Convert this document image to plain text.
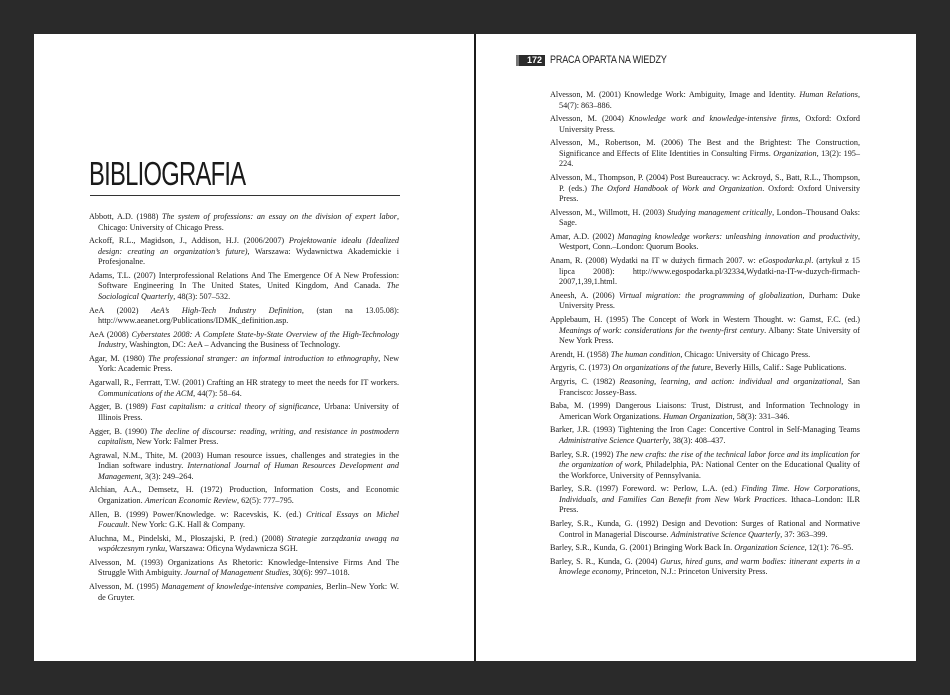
BIBLIOGRAFIA
Abbott, A.D. (1988) The system of professions: an essay on the division of expert labor, Chicago: University of Chicago Press.
Ackoff, R.L., Magidson, J., Addison, H.J. (2006/2007) Projektowanie ideału (Idealized design: creating an organization’s future), Warszawa: Wydawnictwa Akademickie i Profesjonalne.
Adams, T.L. (2007) Interprofessional Relations And The Emergence Of A New Profession: Software Engineering In The United States, United Kingdom, And Canada. The Sociological Quarterly, 48(3): 507–532.
AeA (2002) AeA’s High-Tech Industry Definition, (stan na 13.05.08): http://www.aeanet.org/Publications/IDMK_definition.asp.
AeA (2008) Cyberstates 2008: A Complete State-by-State Overview of the High-Technology Industry, Washington, DC: AeA – Advancing the Business of Technology.
Agar, M. (1980) The professional stranger: an informal introduction to ethnography, New York: Academic Press.
Agarwall, R., Ferrratt, T.W. (2001) Crafting an HR strategy to meet the needs for IT workers. Communications of the ACM, 44(7): 58–64.
Agger, B. (1989) Fast capitalism: a critical theory of significance, Urbana: University of Illinois Press.
Agger, B. (1990) The decline of discourse: reading, writing, and resistance in postmodern capitalism, New York: Falmer Press.
Agrawal, N.M., Thite, M. (2003) Human resource issues, challenges and strategies in the Indian software industry. International Journal of Human Resources Development and Management, 3(3): 249–264.
Alchian, A.A., Demsetz, H. (1972) Production, Information Costs, and Economic Organization. American Economic Review, 62(5): 777–795.
Allen, B. (1999) Power/Knowledge. w: Racevskis, K. (ed.) Critical Essays on Michel Foucault. New York: G.K. Hall & Company.
Aluchna, M., Pindelski, M., Płoszajski, P. (red.) (2008) Strategie zarządzania uwagą na współczesnym rynku, Warszawa: Oficyna Wydawnicza SGH.
Alvesson, M. (1993) Organizations As Rhetoric: Knowledge-Intensive Firms And The Struggle With Ambiguity. Journal of Management Studies, 30(6): 997–1018.
Alvesson, M. (1995) Management of knowledge-intensive companies, Berlin–New York: W. de Gruyter.
172 PRACA OPARTA NA WIEDZY
Alvesson, M. (2001) Knowledge Work: Ambiguity, Image and Identity. Human Relations, 54(7): 863–886.
Alvesson, M. (2004) Knowledge work and knowledge-intensive firms, Oxford: Oxford University Press.
Alvesson, M., Robertson, M. (2006) The Best and the Brightest: The Construction, Significance and Effects of Elite Identities in Consulting Firms. Organization, 13(2): 195–224.
Alvesson, M., Thompson, P. (2004) Post Bureaucracy. w: Ackroyd, S., Batt, R.L., Thompson, P. (eds.) The Oxford Handbook of Work and Organization. Oxford: Oxford University Press.
Alvesson, M., Willmott, H. (2003) Studying management critically, London–Thousand Oaks: Sage.
Amar, A.D. (2002) Managing knowledge workers: unleashing innovation and productivity, Westport, Conn.–London: Quorum Books.
Anam, R. (2008) Wydatki na IT w dużych firmach 2007. w: eGospodarka.pl. (artykuł z 15 lipca 2008): http://www.egospodarka.pl/32334,Wydatki-na-IT-w-duzych-firmach-2007,1,39,1.html.
Aneesh, A. (2006) Virtual migration: the programming of globalization, Durham: Duke University Press.
Applebaum, H. (1995) The Concept of Work in Western Thought. w: Gamst, F.C. (ed.) Meanings of work: considerations for the twenty-first century. Albany: State University of New York Press.
Arendt, H. (1958) The human condition, Chicago: University of Chicago Press.
Argyris, C. (1973) On organizations of the future, Beverly Hills, Calif.: Sage Publications.
Argyris, C. (1982) Reasoning, learning, and action: individual and organizational, San Francisco: Jossey-Bass.
Baba, M. (1999) Dangerous Liaisons: Trust, Distrust, and Information Technology in American Work Organizations. Human Organization, 58(3): 331–346.
Barker, J.R. (1993) Tightening the Iron Cage: Concertive Control in Self-Managing Teams Administrative Science Quarterly, 38(3): 408–437.
Barley, S.R. (1992) The new crafts: the rise of the technical labor force and its implication for the organization of work, Philadelphia, PA: National Center on the Educational Quality of the Workforce, University of Pennsylvania.
Barley, S.R. (1997) Foreword. w: Perlow, L.A. (ed.) Finding Time. How Corporations, Individuals, and Families Can Benefit from New Work Practices. Ithaca–London: ILR Press.
Barley, S.R., Kunda, G. (1992) Design and Devotion: Surges of Rational and Normative Control in Managerial Discourse. Administrative Science Quarterly, 37: 363–399.
Barley, S.R., Kunda, G. (2001) Bringing Work Back In. Organization Science, 12(1): 76–95.
Barley, S. R., Kunda, G. (2004) Gurus, hired guns, and warm bodies: itinerant experts in a knowlege economy, Princeton, N.J.: Princeton University Press.
